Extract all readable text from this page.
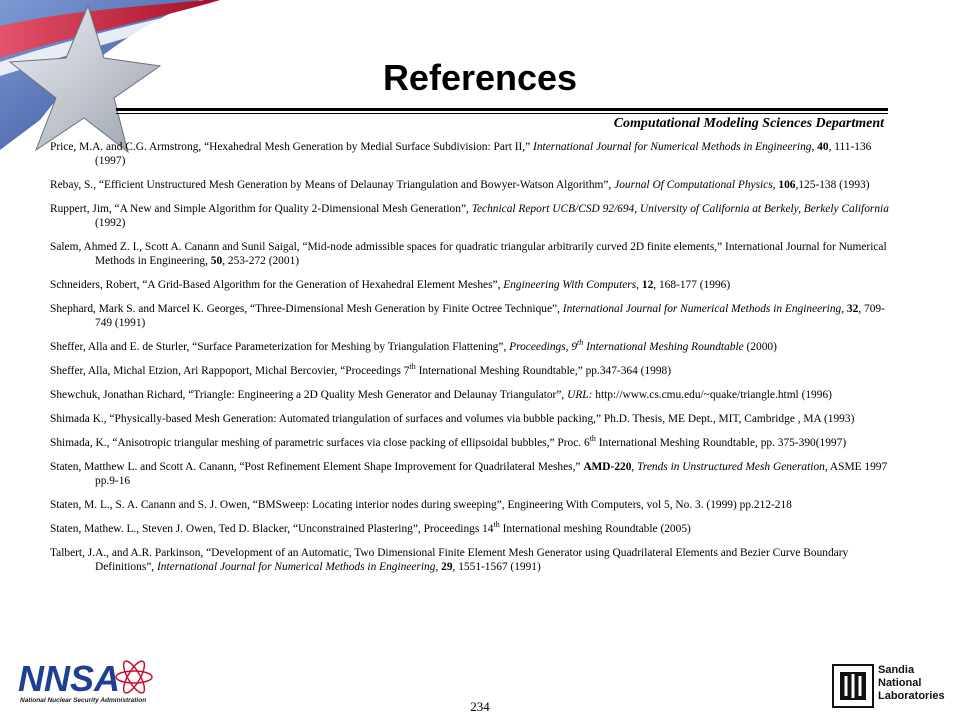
References
Computational Modeling Sciences Department
Price, M.A. and C.G. Armstrong, “Hexahedral Mesh Generation by Medial Surface Subdivision: Part II,” International Journal for Numerical Methods in Engineering, 40, 111-136 (1997)
Rebay, S., “Efficient Unstructured Mesh Generation by Means of Delaunay Triangulation and Bowyer-Watson Algorithm”, Journal Of Computational Physics, 106,125-138 (1993)
Ruppert, Jim, “A New and Simple Algorithm for Quality 2-Dimensional Mesh Generation”, Technical Report UCB/CSD 92/694, University of California at Berkely, Berkely California (1992)
Salem, Ahmed Z. I., Scott A. Canann and Sunil Saigal, “Mid-node admissible spaces for quadratic triangular arbitrarily curved 2D finite elements,” International Journal for Numerical Methods in Engineering, 50, 253-272 (2001)
Schneiders, Robert, “A Grid-Based Algorithm for the Generation of Hexahedral Element Meshes”, Engineering With Computers, 12, 168-177 (1996)
Shephard, Mark S. and Marcel K. Georges, “Three-Dimensional Mesh Generation by Finite Octree Technique”, International Journal for Numerical Methods in Engineering, 32, 709-749 (1991)
Sheffer, Alla and E. de Sturler, “Surface Parameterization for Meshing by Triangulation Flattening”, Proceedings, 9th International Meshing Roundtable (2000)
Sheffer, Alla, Michal Etzion, Ari Rappoport, Michal Bercovier, “Proceedings 7th International Meshing Roundtable,” pp.347-364 (1998)
Shewchuk, Jonathan Richard, “Triangle: Engineering a 2D Quality Mesh Generator and Delaunay Triangulator”, URL: http://www.cs.cmu.edu/~quake/triangle.html (1996)
Shimada K., “Physically-based Mesh Generation: Automated triangulation of surfaces and volumes via bubble packing,” Ph.D. Thesis, ME Dept., MIT, Cambridge , MA (1993)
Shimada, K., “Anisotropic triangular meshing of parametric surfaces via close packing of ellipsoidal bubbles,” Proc. 6th International Meshing Roundtable, pp. 375-390(1997)
Staten, Matthew L. and Scott A. Canann, “Post Refinement Element Shape Improvement for Quadrilateral Meshes,” AMD-220, Trends in Unstructured Mesh Generation, ASME 1997 pp.9-16
Staten, M. L., S. A. Canann and S. J. Owen, “BMSweep: Locating interior nodes during sweeping”, Engineering With Computers, vol 5, No. 3. (1999) pp.212-218
Staten, Mathew. L., Steven J. Owen, Ted D. Blacker, “Unconstrained Plastering”, Proceedings 14th International meshing Roundtable (2005)
Talbert, J.A., and A.R. Parkinson, “Development of an Automatic, Two Dimensional Finite Element Mesh Generator using Quadrilateral Elements and Bezier Curve Boundary Definitions”, International Journal for Numerical Methods in Engineering, 29, 1551-1567 (1991)
234
NNSA
National Nuclear Security Administration
Sandia
National
Laboratories
